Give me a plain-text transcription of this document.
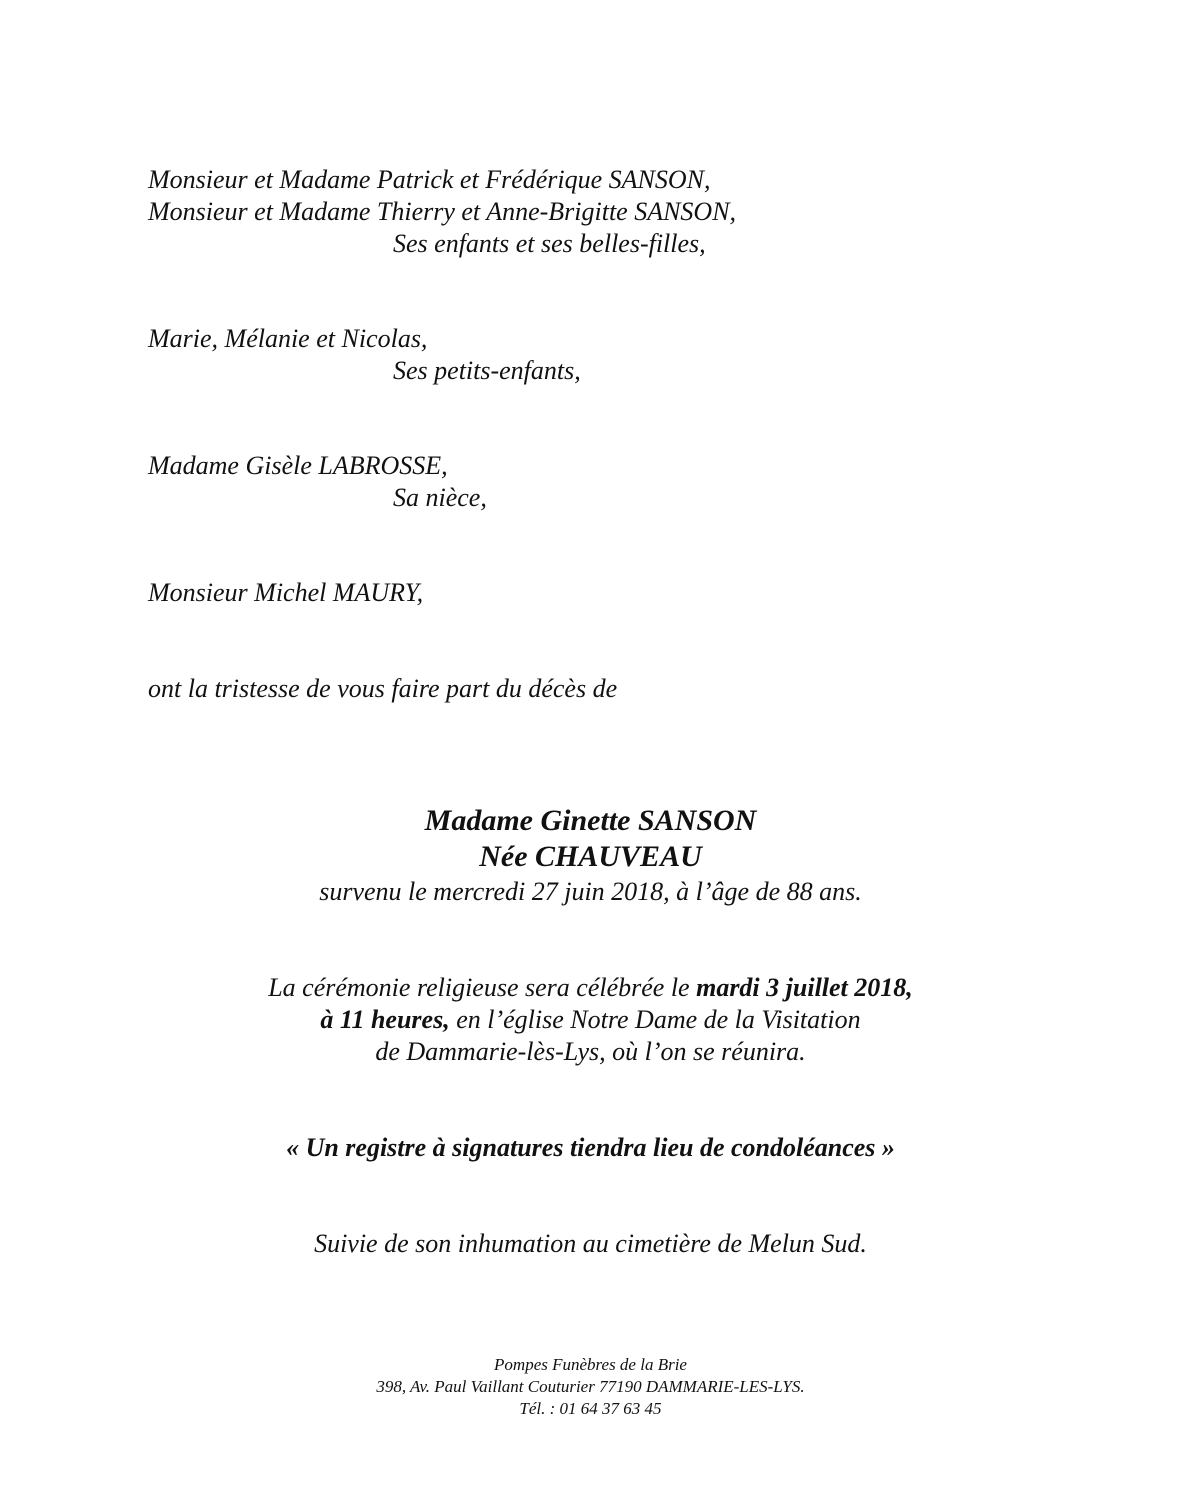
Monsieur et Madame Patrick et Frédérique SANSON,

Monsieur et Madame Thierry et Anne-Brigitte SANSON,

Ses enfants et ses belles-filles,

Marie, Mélanie et Nicolas,

Ses petits-enfants,

Madame Gisèle LABROSSE,

Sa nièce,

Monsieur Michel MAURY,

ont la tristesse de vous faire part du décès de

Madame Ginette SANSON

Née CHAUVEAU

survenu le mercredi 27 juin 2018, à l’âge de 88 ans.

La cérémonie religieuse sera célébrée le mardi 3 juillet 2018,

à 11 heures, en l’église Notre Dame de la Visitation

de Dammarie-lès-Lys, où l’on se réunira.

« Un registre à signatures tiendra lieu de condoléances »

Suivie de son inhumation au cimetière de Melun Sud.

Pompes Funèbres de la Brie

398, Av. Paul Vaillant Couturier 77190 DAMMARIE-LES-LYS.

Tél. : 01 64 37 63 45
